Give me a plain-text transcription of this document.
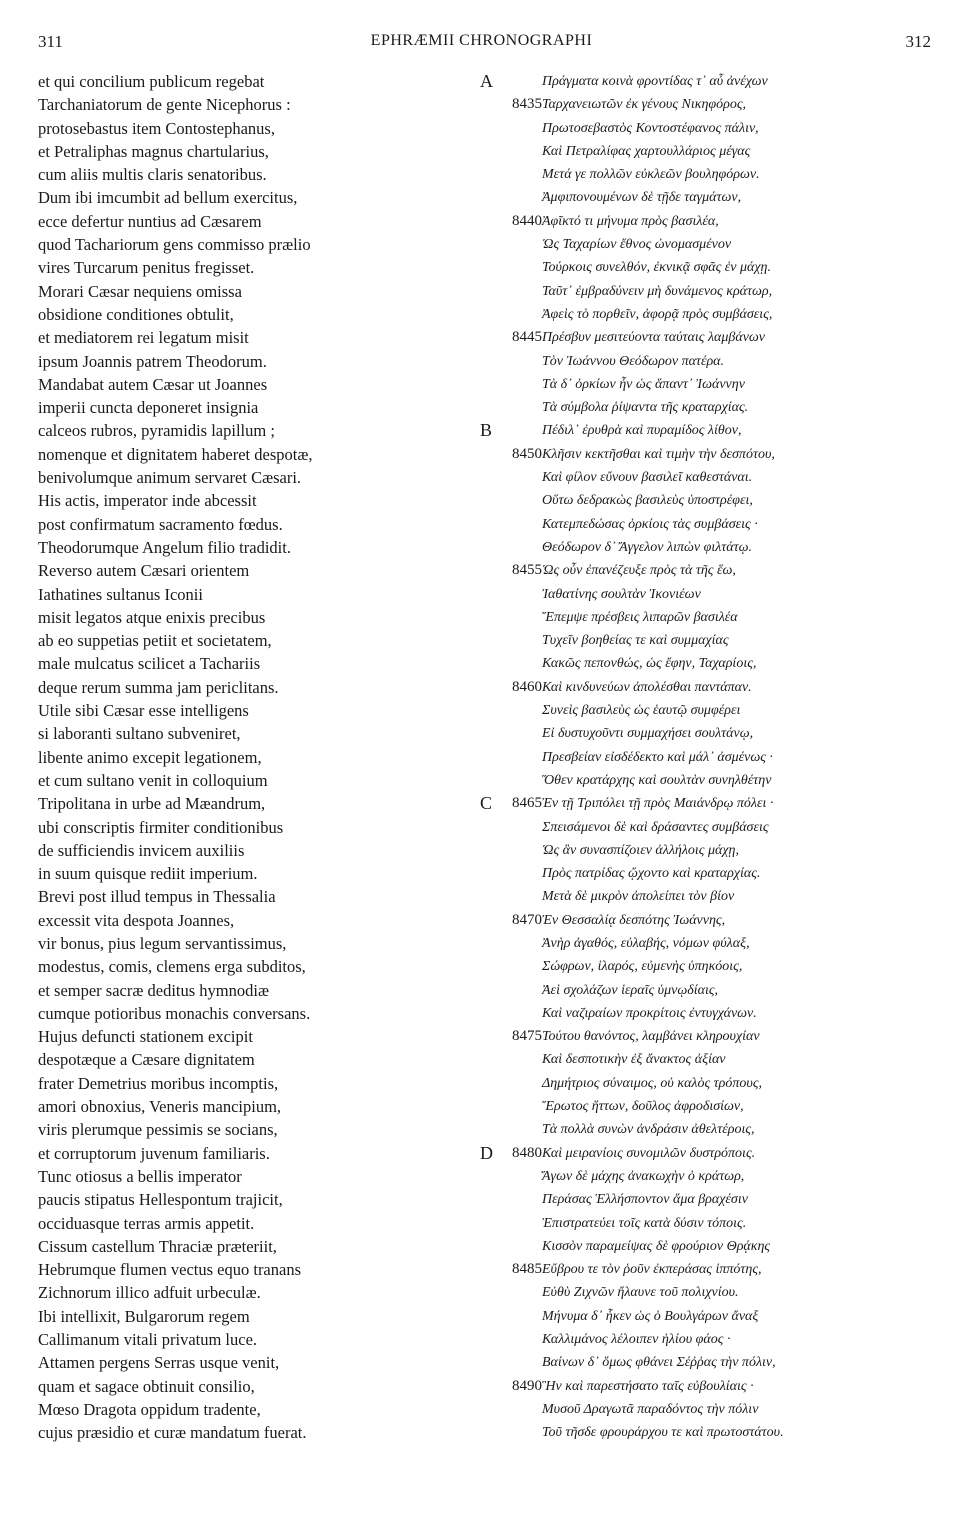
311	EPHRÆMII CHRONOGRAPHI	312
et qui concilium publicum regebat
Tarchaniatorum de gente Nicephorus :
protosebastus item Contostephanus,
et Petraliphas magnus chartularius,
cum aliis multis claris senatoribus.
Dum ibi imcumbit ad bellum exercitus,
ecce defertur nuntius ad Cæsarem
quod Tachariorum gens commisso prælio
vires Turcarum penitus fregisset.
Morari Cæsar nequiens omissa
obsidione conditiones obtulit,
et mediatorem rei legatum misit
ipsum Joannis patrem Theodorum.
Mandabat autem Cæsar ut Joannes
imperii cuncta deponeret insignia
calceos rubros, pyramidis lapillum ;
nomenque et dignitatem haberet despotæ,
benivolumque animum servaret Cæsari.
His actis, imperator inde abcessit
post confirmatum sacramento fœdus.
Theodorumque Angelum filio tradidit.
Reverso autem Cæsari orientem
Iathatines sultanus Iconii
misit legatos atque enixis precibus
ab eo suppetias petiit et societatem,
male mulcatus scilicet a Tachariis
deque rerum summa jam periclitans.
Utile sibi Cæsar esse intelligens
si laboranti sultano subveniret,
libente animo excepit legationem,
et cum sultano venit in colloquium
Tripolitana in urbe ad Mæandrum,
ubi conscriptis firmiter conditionibus
de sufficiendis invicem auxiliis
in suum quisque rediit imperium.
Brevi post illud tempus in Thessalia
excessit vita despota Joannes,
vir bonus, pius legum servantissimus,
modestus, comis, clemens erga subditos,
et semper sacræ deditus hymnodiæ
cumque potioribus monachis conversans.
Hujus defuncti stationem excipit
despotæque a Cæsare dignitatem
frater Demetrius moribus incomptis,
amori obnoxius, Veneris mancipium,
viris plerumque pessimis se socians,
et corruptorum juvenum familiaris.
Tunc otiosus a bellis imperator
paucis stipatus Hellespontum trajicit,
occiduasque terras armis appetit.
Cissum castellum Thraciæ præteriit,
Hebrumque flumen vectus equo tranans
Zichnorum illico adfuit urbeculæ.
Ibi intellixit, Bulgarorum regem
Callimanum vitali privatum luce.
Attamen pergens Serras usque venit,
quam et sagace obtinuit consilio,
Mœso Dragota oppidum tradente,
cujus præsidio et curæ mandatum fuerat.
A	Πράγματα κοινὰ φροντίδας τ᾽ αὖ ἀνέχων
8435 Ταρχανειωτῶν ἐκ γένους Νικηφόρος,
Πρωτοσεβαστὸς Κοντοστέφανος πάλιν,
Καὶ Πετραλίφας χαρτουλλάριος μέγας
Μετά γε πολλῶν εὐκλεῶν βουληφόρων.
Ἀμφιπονουμένων δὲ τῇδε ταγμάτων,
8440 Ἀφῖκτό τι μήνυμα πρὸς βασιλέα,
Ὡς Ταχαρίων ἔθνος ὠνομασμένον
Τούρκοις συνελθόν, ἐκνικᾷ σφᾶς ἐν μάχῃ.
Ταῦτ᾽ ἐμβραδύνειν μὴ δυνάμενος κράτωρ,
Ἀφεὶς τὸ πορθεῖν, ἀφορᾷ πρὸς συμβάσεις,
8445 Πρέσβυν μεσιτεύοντα ταύταις λαμβάνων
Τὸν Ἰωάννου Θεόδωρον πατέρα.
Τὰ δ᾽ ὁρκίων ἦν ὡς ἅπαντ᾽ Ἰωάννην
Τὰ σύμβολα ῥίψαντα τῆς κραταρχίας.
B	Πέδιλ᾽ ἐρυθρὰ καὶ πυραμίδος λίθον,
8450 Κλῆσιν κεκτῆσθαι καὶ τιμὴν τὴν δεσπότου,
Καὶ φίλον εὔνουν βασιλεῖ καθεστάναι.
Οὕτω δεδρακὼς βασιλεὺς ὑποστρέφει,
Κατεμπεδώσας ὁρκίοις τὰς συμβάσεις ·
Θεόδωρον δ᾽ Ἄγγελον λιπὼν φιλτάτῳ.
8455 Ὡς οὖν ἐπανέζευξε πρὸς τὰ τῆς ἕω,
Ἰαθατίνης σουλτὰν Ἰκονιέων
Ἔπεμψε πρέσβεις λιπαρῶν βασιλέα
Τυχεῖν βοηθείας τε καὶ συμμαχίας
Κακῶς πεπονθώς, ὡς ἔφην, Ταχαρίοις,
8460 Καὶ κινδυνεύων ἀπολέσθαι παντάπαν.
Συνεὶς βασιλεὺς ὡς ἑαυτῷ συμφέρει
Εἰ δυστυχοῦντι συμμαχήσει σουλτάνῳ,
Πρεσβείαν εἰσδέδεκτο καὶ μάλ᾽ ἀσμένως ·
Ὅθεν κρατάρχης καὶ σουλτὰν συνηλθέτην
C	8465 Ἐν τῇ Τριπόλει τῇ πρὸς Μαιάνδρῳ πόλει ·
Σπεισάμενοι δὲ καὶ δράσαντες συμβάσεις
Ὡς ἂν συνασπίζοιεν ἀλλήλοις μάχῃ,
Πρὸς πατρίδας ᾤχοντο καὶ κραταρχίας.
Μετὰ δὲ μικρὸν ἀπολείπει τὸν βίον
8470 Ἐν Θεσσαλίᾳ δεσπότης Ἰωάννης,
Ἀνὴρ ἀγαθός, εὐλαβής, νόμων φύλαξ,
Σώφρων, ἱλαρός, εὐμενὴς ὑπηκόοις,
Ἀεὶ σχολάζων ἱεραῖς ὑμνῳδίαις,
Καὶ ναζιραίων προκρίτοις ἐντυγχάνων.
8475 Τούτου θανόντος, λαμβάνει κληρουχίαν
Καὶ δεσποτικὴν ἐξ ἄνακτος ἀξίαν
Δημήτριος σύναιμος, οὐ καλὸς τρόπους,
Ἔρωτος ἥττων, δοῦλος ἀφροδισίων,
Τὰ πολλὰ συνὼν ἀνδράσιν ἀθελτέροις,
D	8480 Καὶ μειρανίοις συνομιλῶν δυστρόποις.
Ἄγων δὲ μάχης ἀνακωχὴν ὁ κράτωρ,
Περάσας Ἑλλήσποντον ἅμα βραχέσιν
Ἐπιστρατεύει τοῖς κατὰ δύσιν τόποις.
Κισσὸν παραμείψας δὲ φρούριον Θρᾴκης
8485 Εὔβρου τε τὸν ῥοῦν ἐκπεράσας ἱππότης,
Εὐθὺ Ζιχνῶν ἤλαυνε τοῦ πολιχνίου.
Μήνυμα δ᾽ ἧκεν ὡς ὁ Βουλγάρων ἄναξ
Καλλιμάνος λέλοιπεν ἡλίου φάος ·
Βαίνων δ᾽ ὅμως φθάνει Σέῤῥας τὴν πόλιν,
8490 Ἣν καὶ παρεστήσατο ταῖς εὐβουλίαις ·
Μυσοῦ Δραγωτᾶ παραδόντος τὴν πόλιν
Τοῦ τῆσδε φρουράρχου τε καὶ πρωτοστάτου.
